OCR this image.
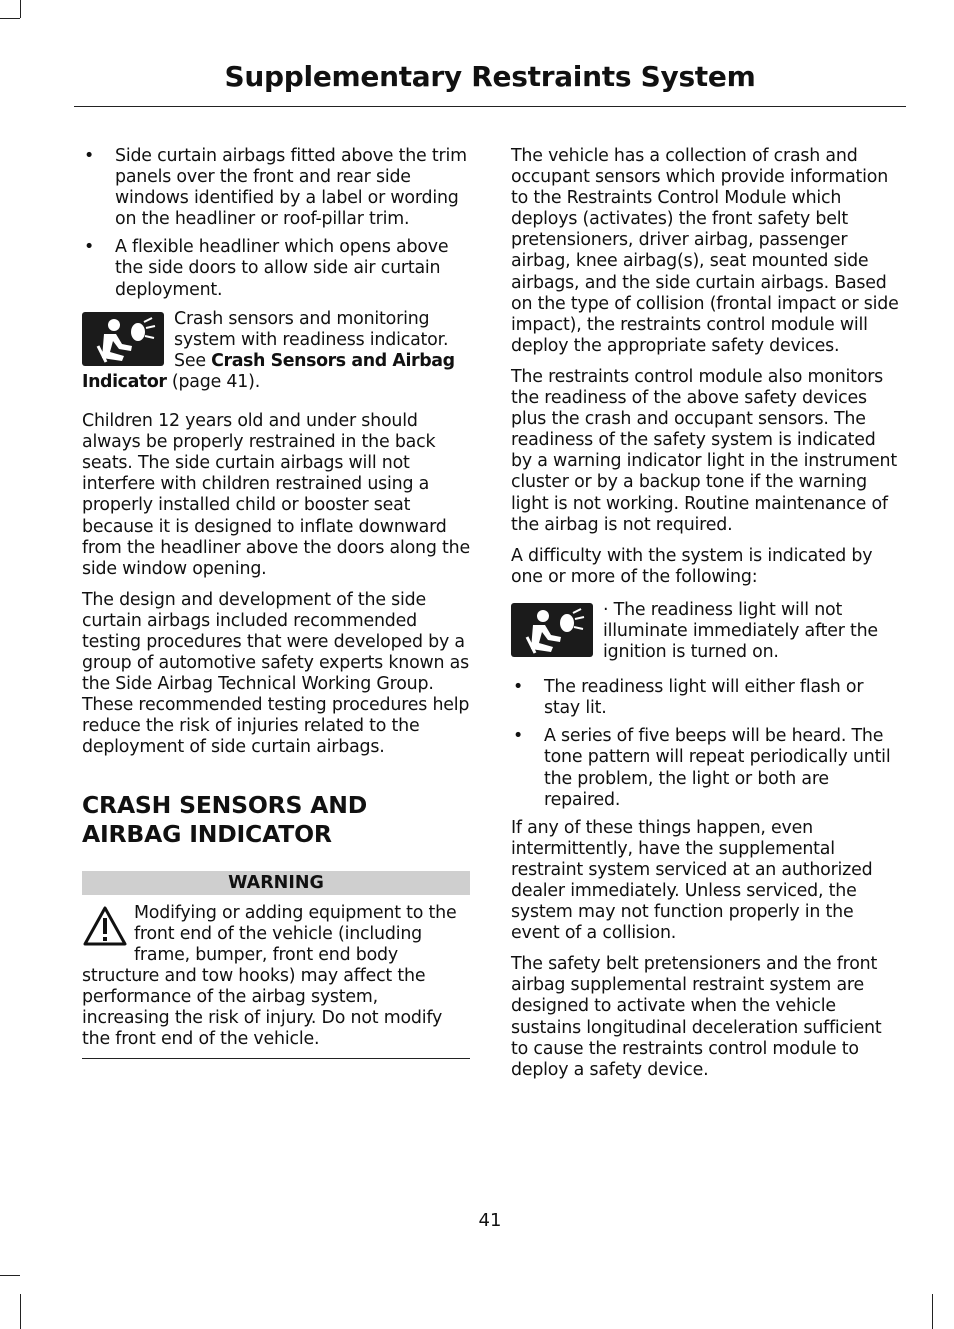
Supplementary Restraints System
• Side curtain airbags fitted above the trim panels over the front and rear side windows identified by a label or wording on the headliner or roof-pillar trim.
• A flexible headliner which opens above the side doors to allow side air curtain deployment.
Crash sensors and monitoring system with readiness indicator. See Crash Sensors and Airbag Indicator (page 41).

Children 12 years old and under should always be properly restrained in the back seats. The side curtain airbags will not interfere with children restrained using a properly installed child or booster seat because it is designed to inflate downward from the headliner above the doors along the side window opening.

The design and development of the side curtain airbags included recommended testing procedures that were developed by a group of automotive safety experts known as the Side Airbag Technical Working Group. These recommended testing procedures help reduce the risk of injuries related to the deployment of side curtain airbags.

CRASH SENSORS AND AIRBAG INDICATOR
WARNING
Modifying or adding equipment to the front end of the vehicle (including frame, bumper, front end body structure and tow hooks) may affect the performance of the airbag system, increasing the risk of injury. Do not modify the front end of the vehicle.

The vehicle has a collection of crash and occupant sensors which provide information to the Restraints Control Module which deploys (activates) the front safety belt pretensioners, driver airbag, passenger airbag, knee airbag(s), seat mounted side airbags, and the side curtain airbags. Based on the type of collision (frontal impact or side impact), the restraints control module will deploy the appropriate safety devices.

The restraints control module also monitors the readiness of the above safety devices plus the crash and occupant sensors. The readiness of the safety system is indicated by a warning indicator light in the instrument cluster or by a backup tone if the warning light is not working. Routine maintenance of the airbag is not required.

A difficulty with the system is indicated by one or more of the following:

· The readiness light will not illuminate immediately after the ignition is turned on.
• The readiness light will either flash or stay lit.
• A series of five beeps will be heard. The tone pattern will repeat periodically until the problem, the light or both are repaired.

If any of these things happen, even intermittently, have the supplemental restraint system serviced at an authorized dealer immediately. Unless serviced, the system may not function properly in the event of a collision.

The safety belt pretensioners and the front airbag supplemental restraint system are designed to activate when the vehicle sustains longitudinal deceleration sufficient to cause the restraints control module to deploy a safety device.

41
